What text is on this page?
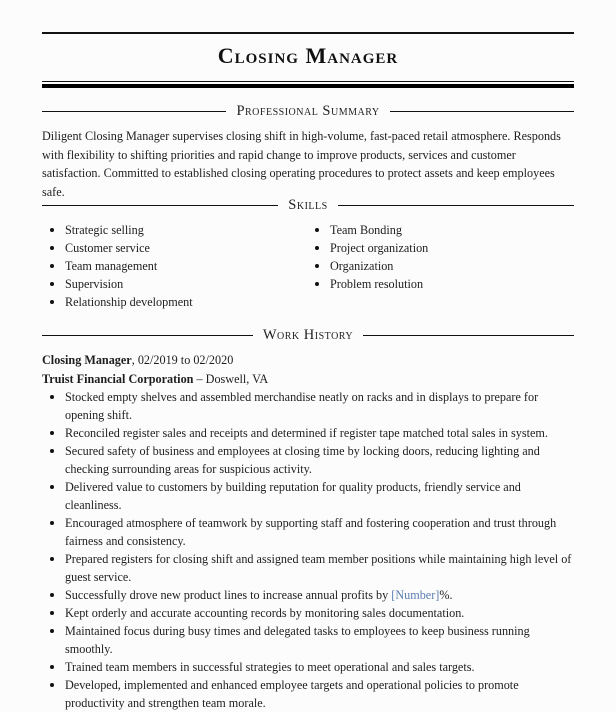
Closing Manager
Professional Summary

Diligent Closing Manager supervises closing shift in high-volume, fast-paced retail atmosphere. Responds with flexibility to shifting priorities and rapid change to improve products, services and customer satisfaction. Committed to established closing operating procedures to protect assets and keep employees safe.

Skills
Strategic selling
Customer service
Team management
Supervision
Relationship development
Team Bonding
Project organization
Organization
Problem resolution
Work History
Closing Manager, 02/2019 to 02/2020
Truist Financial Corporation – Doswell, VA
Stocked empty shelves and assembled merchandise neatly on racks and in displays to prepare for opening shift.
Reconciled register sales and receipts and determined if register tape matched total sales in system.
Secured safety of business and employees at closing time by locking doors, reducing lighting and checking surrounding areas for suspicious activity.
Delivered value to customers by building reputation for quality products, friendly service and cleanliness.
Encouraged atmosphere of teamwork by supporting staff and fostering cooperation and trust through fairness and consistency.
Prepared registers for closing shift and assigned team member positions while maintaining high level of guest service.
Successfully drove new product lines to increase annual profits by [Number]%.
Kept orderly and accurate accounting records by monitoring sales documentation.
Maintained focus during busy times and delegated tasks to employees to keep business running smoothly.
Trained team members in successful strategies to meet operational and sales targets.
Developed, implemented and enhanced employee targets and operational policies to promote productivity and strengthen team morale.
